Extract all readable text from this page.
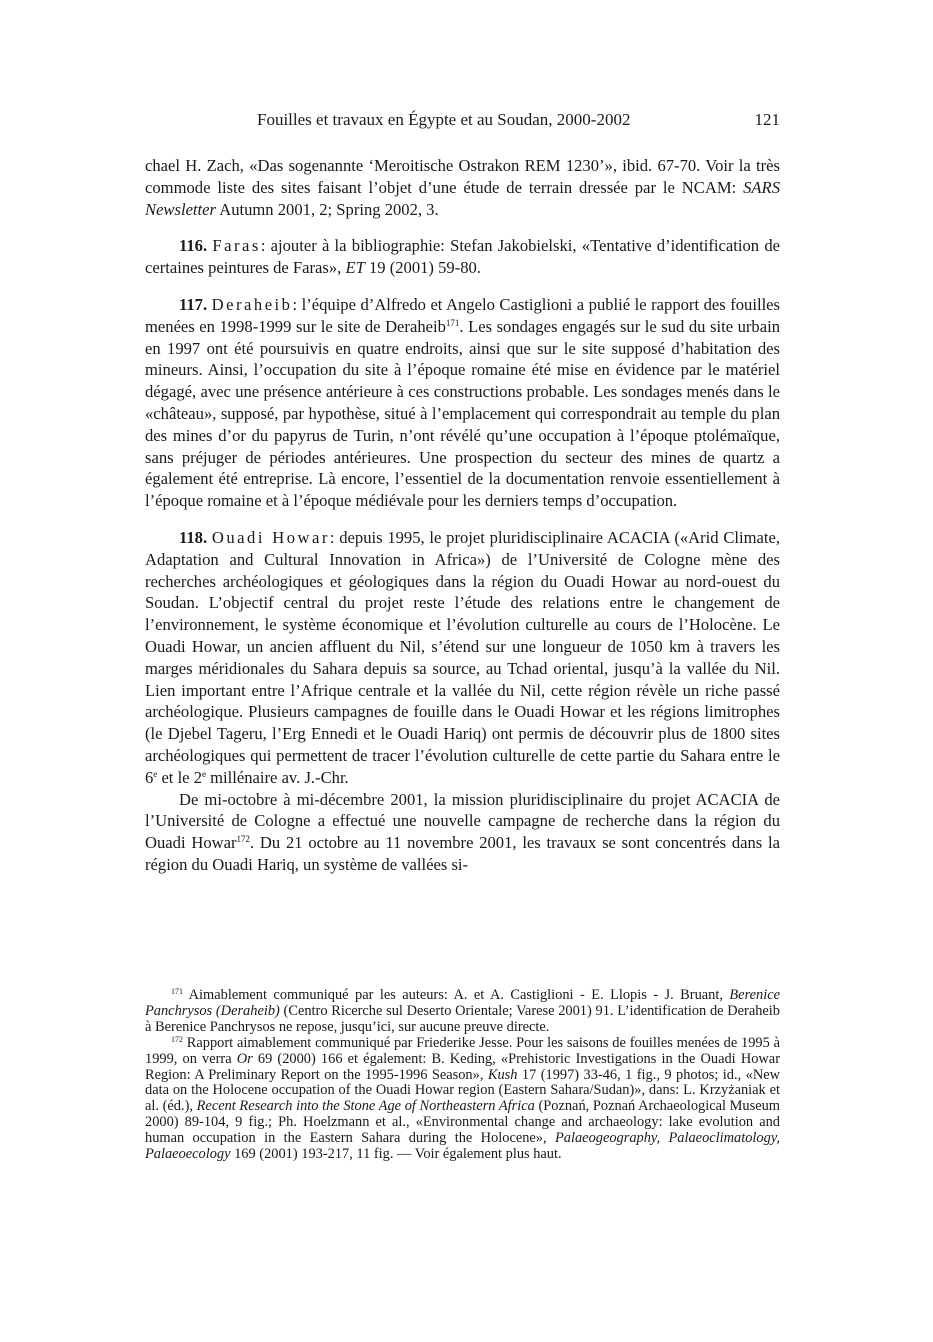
Fouilles et travaux en Égypte et au Soudan, 2000-2002	121

chael H. Zach, «Das sogenannte ‘Meroitische Ostrakon REM 1230’», ibid. 67-70. Voir la très commode liste des sites faisant l’objet d’une étude de terrain dressée par le NCAM: SARS Newsletter Autumn 2001, 2; Spring 2002, 3.

116. Faras: ajouter à la bibliographie: Stefan Jakobielski, «Tentative d’identification de certaines peintures de Faras», ET 19 (2001) 59-80.

117. Deraheib: l’équipe d’Alfredo et Angelo Castiglioni a publié le rapport des fouilles menées en 1998-1999 sur le site de Deraheib$^{171}$. Les sondages engagés sur le sud du site urbain en 1997 ont été poursuivis en quatre endroits, ainsi que sur le site supposé d’habitation des mineurs. Ainsi, l’occupation du site à l’époque romaine été mise en évidence par le matériel dégagé, avec une présence antérieure à ces constructions probable. Les sondages menés dans le «château», supposé, par hypothèse, situé à l’emplacement qui correspondrait au temple du plan des mines d’or du papyrus de Turin, n’ont révélé qu’une occupation à l’époque ptolémaïque, sans préjuger de périodes antérieures. Une prospection du secteur des mines de quartz a également été entreprise. Là encore, l’essentiel de la documentation renvoie essentiellement à l’époque romaine et à l’époque médiévale pour les derniers temps d’occupation.

118. Ouadi Howar: depuis 1995, le projet pluridisciplinaire ACACIA («Arid Climate, Adaptation and Cultural Innovation in Africa») de l’Université de Cologne mène des recherches archéologiques et géologiques dans la région du Ouadi Howar au nord-ouest du Soudan. L’objectif central du projet reste l’étude des relations entre le changement de l’environnement, le système économique et l’évolution culturelle au cours de l’Holocène. Le Ouadi Howar, un ancien affluent du Nil, s’étend sur une longueur de 1050 km à travers les marges méridionales du Sahara depuis sa source, au Tchad oriental, jusqu’à la vallée du Nil. Lien important entre l’Afrique centrale et la vallée du Nil, cette région révèle un riche passé archéologique. Plusieurs campagnes de fouille dans le Ouadi Howar et les régions limitrophes (le Djebel Tageru, l’Erg Ennedi et le Ouadi Hariq) ont permis de découvrir plus de 1800 sites archéologiques qui permettent de tracer l’évolution culturelle de cette partie du Sahara entre le 6e et le 2e millénaire av. J.-Chr.

De mi-octobre à mi-décembre 2001, la mission pluridisciplinaire du projet ACACIA de l’Université de Cologne a effectué une nouvelle campagne de recherche dans la région du Ouadi Howar$^{172}$. Du 21 octobre au 11 novembre 2001, les travaux se sont concentrés dans la région du Ouadi Hariq, un système de vallées si-

$^{171}$ Aimablement communiqué par les auteurs: A. et A. Castiglioni - E. Llopis - J. Bruant, Berenice Panchrysos (Deraheib) (Centro Ricerche sul Deserto Orientale; Varese 2001) 91. L’identification de Deraheib à Berenice Panchrysos ne repose, jusqu’ici, sur aucune preuve directe.

$^{172}$ Rapport aimablement communiqué par Friederike Jesse. Pour les saisons de fouilles menées de 1995 à 1999, on verra Or 69 (2000) 166 et également: B. Keding, «Prehistoric Investigations in the Ouadi Howar Region: A Preliminary Report on the 1995-1996 Season», Kush 17 (1997) 33-46, 1 fig., 9 photos; id., «New data on the Holocene occupation of the Ouadi Howar region (Eastern Sahara/Sudan)», dans: L. Krzyżaniak et al. (éd.), Recent Research into the Stone Age of Northeastern Africa (Poznań, Poznań Archaeological Museum 2000) 89-104, 9 fig.; Ph. Hoelzmann et al., «Environmental change and archaeology: lake evolution and human occupation in the Eastern Sahara during the Holocene», Palaeogeography, Palaeoclimatology, Palaeoecology 169 (2001) 193-217, 11 fig. — Voir également plus haut.
